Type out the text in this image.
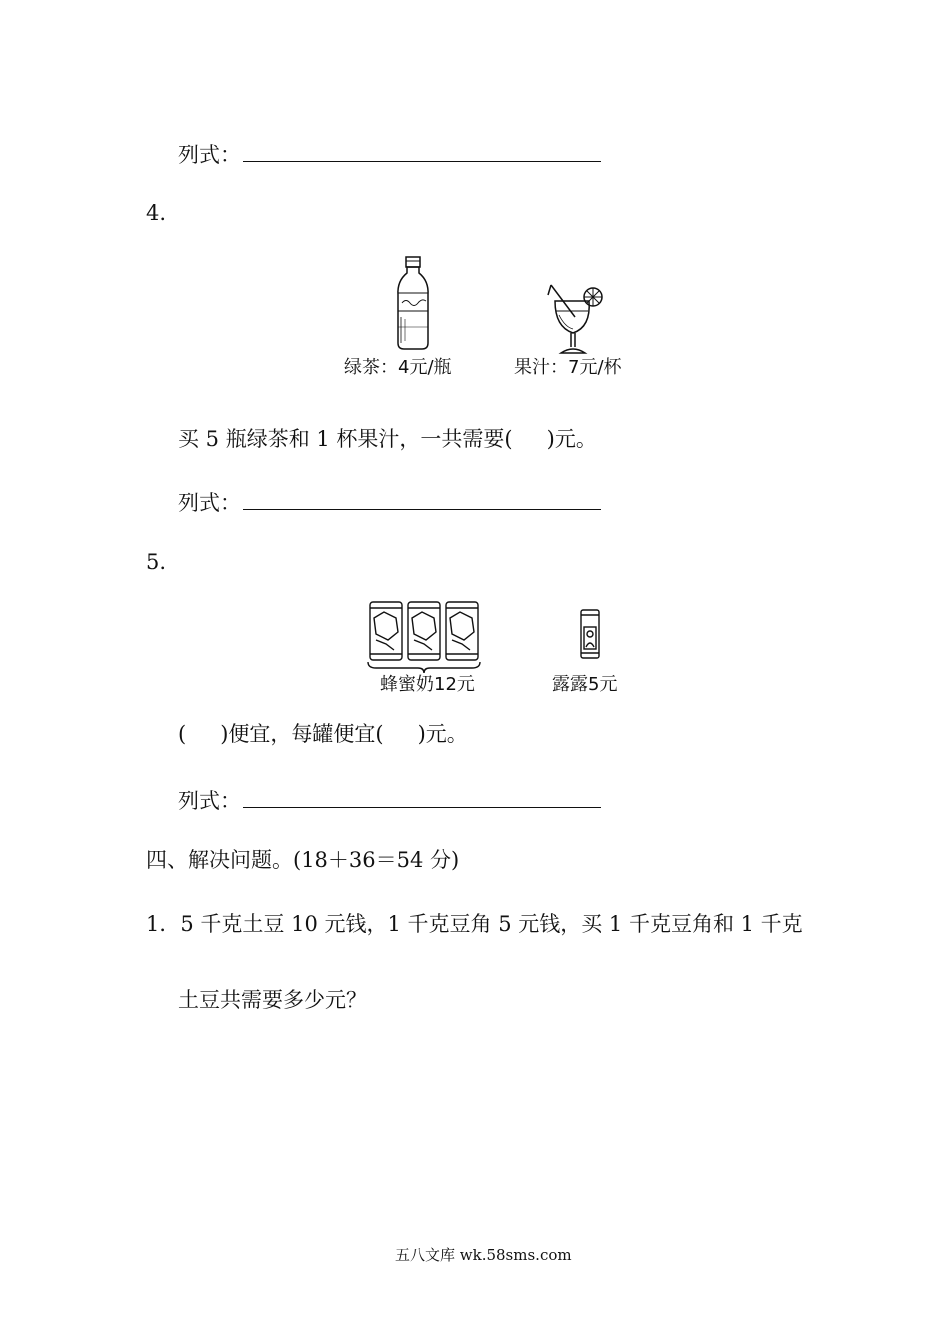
列式：
4.
绿茶：4元/瓶	果汁：7元/杯
买 5 瓶绿茶和 1 杯果汁，一共需要( )元。
列式：
5.
蜂蜜奶12元	露露5元
( )便宜，每罐便宜( )元。
列式：
四、解决问题。(18＋36＝54 分)
1．5 千克土豆 10 元钱，1 千克豆角 5 元钱，买 1 千克豆角和 1 千克
土豆共需要多少元？
五八文库 wk.58sms.com
